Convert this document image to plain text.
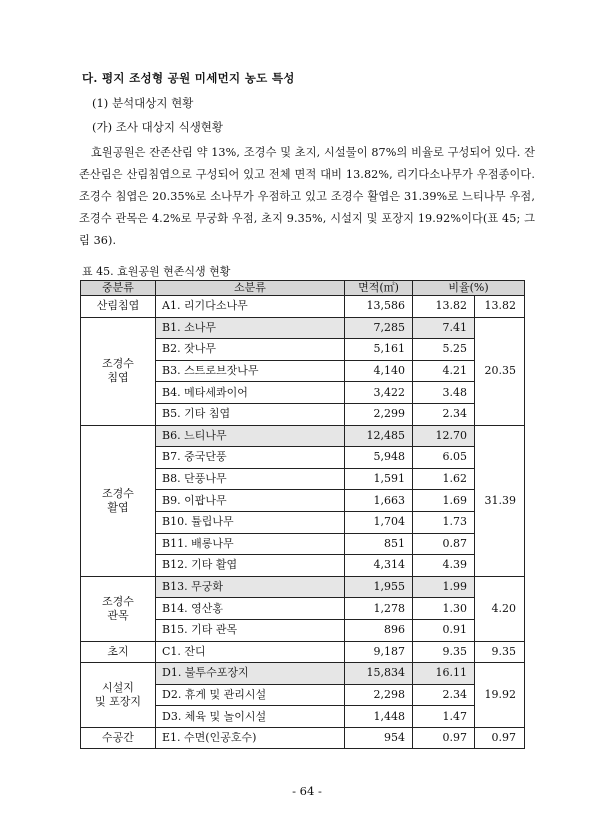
다. 평지 조성형 공원 미세먼지 농도 특성
(1) 분석대상지 현황
(가) 조사 대상지 식생현황

효원공원은 잔존산림 약 13%, 조경수 및 초지, 시설물이 87%의 비율로 구성되어 있다. 잔존산림은 산림침엽으로 구성되어 있고 전체 면적 대비 13.82%, 리기다소나무가 우점종이다. 조경수 침엽은 20.35%로 소나무가 우점하고 있고 조경수 활엽은 31.39%로 느티나무 우점, 조경수 관목은 4.2%로 무궁화 우점, 초지 9.35%, 시설지 및 포장지 19.92%이다(표 45; 그림 36).

표 45. 효원공원 현존식생 현황
중분류	소분류	면적(㎡)	비율(%)	
산림침엽	A1. 리기다소나무	13,586	13.82	13.82
조경수
침엽	B1. 소나무	7,285	7.41	20.35
	B2. 잣나무	5,161	5.25	
	B3. 스트로브잣나무	4,140	4.21	
	B4. 메타세콰이어	3,422	3.48	
	B5. 기타 침엽	2,299	2.34	
조경수
활엽	B6. 느티나무	12,485	12.70	31.39
	B7. 중국단풍	5,948	6.05	
	B8. 단풍나무	1,591	1.62	
	B9. 이팝나무	1,663	1.69	
	B10. 튤립나무	1,704	1.73	
	B11. 배롱나무	851	0.87	
	B12. 기타 활엽	4,314	4.39	
조경수
관목	B13. 무궁화	1,955	1.99	4.20
	B14. 영산홍	1,278	1.30	
	B15. 기타 관목	896	0.91	
초지	C1. 잔디	9,187	9.35	9.35
시설지
및 포장지	D1. 불투수포장지	15,834	16.11	19.92
	D2. 휴게 및 관리시설	2,298	2.34	
	D3. 체육 및 놀이시설	1,448	1.47	
수공간	E1. 수면(인공호수)	954	0.97	0.97
- 64 -
